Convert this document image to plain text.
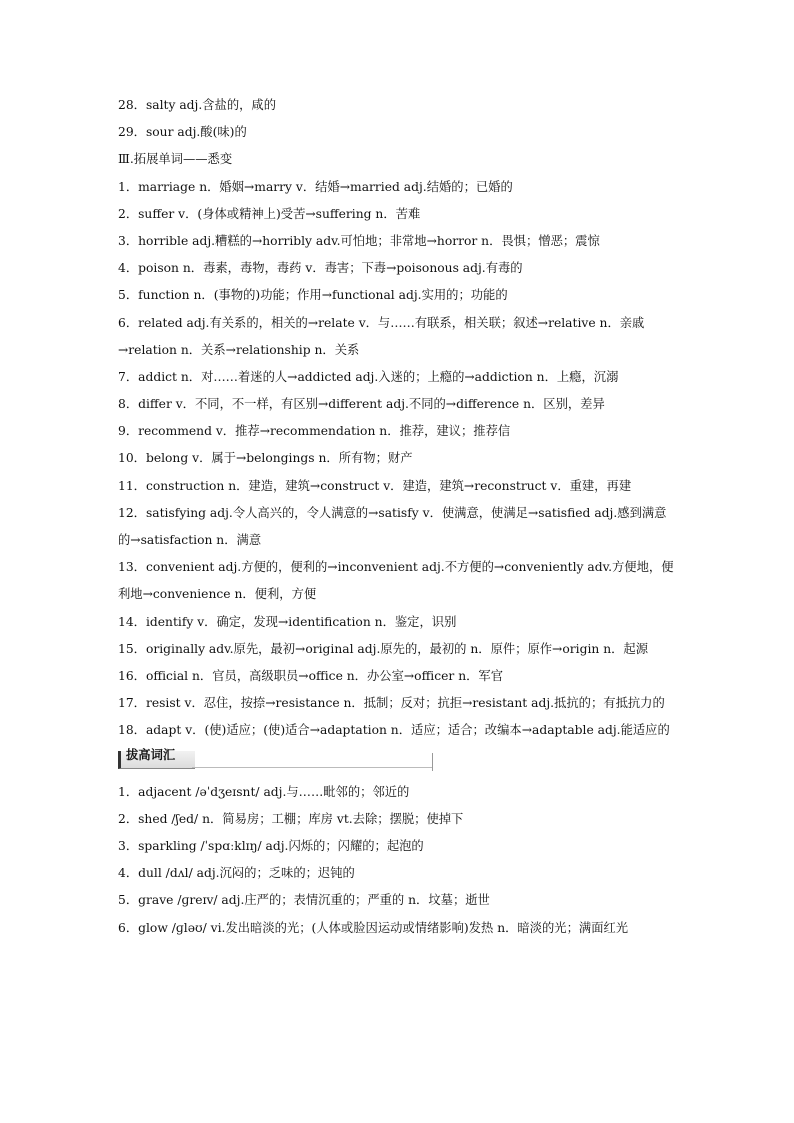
28．salty adj.含盐的，咸的
29．sour adj.酸(味)的
Ⅲ.拓展单词——悉变
1．marriage n．婚姻→marry v．结婚→married adj.结婚的；已婚的
2．suffer v．(身体或精神上)受苦→suffering n．苦难
3．horrible adj.糟糕的→horribly adv.可怕地；非常地→horror n．畏惧；憎恶；震惊
4．poison n．毒素，毒物，毒药 v．毒害；下毒→poisonous adj.有毒的
5．function n．(事物的)功能；作用→functional adj.实用的；功能的
6．related adj.有关系的，相关的→relate v．与……有联系，相关联；叙述→relative n．亲戚→relation n．关系→relationship n．关系
7．addict n．对……着迷的人→addicted adj.入迷的；上瘾的→addiction n．上瘾，沉溺
8．differ v．不同，不一样，有区别→different adj.不同的→difference n．区别，差异
9．recommend v．推荐→recommendation n．推荐，建议；推荐信
10．belong v．属于→belongings n．所有物；财产
11．construction n．建造，建筑→construct v．建造，建筑→reconstruct v．重建，再建
12．satisfying adj.令人高兴的，令人满意的→satisfy v．使满意，使满足→satisfied adj.感到满意的→satisfaction n．满意
13．convenient adj.方便的，便利的→inconvenient adj.不方便的→conveniently adv.方便地，便利地→convenience n．便利，方便
14．identify v．确定，发现→identification n．鉴定，识别
15．originally adv.原先，最初→original adj.原先的，最初的 n．原件；原作→origin n．起源
16．official n．官员，高级职员→office n．办公室→officer n．军官
17．resist v．忍住，按捺→resistance n．抵制；反对；抗拒→resistant adj.抵抗的；有抵抗力的
18．adapt v．(使)适应；(使)适合→adaptation n．适应；适合；改编本→adaptable adj.能适应的
拔高词汇
1．adjacent /əˈdʒeɪsnt/ adj.与……毗邻的；邻近的
2．shed /ʃed/ n．简易房；工棚；库房 vt.去除；摆脱；使掉下
3．sparkling /ˈspɑːklɪŋ/ adj.闪烁的；闪耀的；起泡的
4．dull /dʌl/ adj.沉闷的；乏味的；迟钝的
5．grave /ɡreɪv/ adj.庄严的；表情沉重的；严重的 n．坟墓；逝世
6．glow /ɡləʊ/ vi.发出暗淡的光；(人体或脸因运动或情绪影响)发热 n．暗淡的光；满面红光
